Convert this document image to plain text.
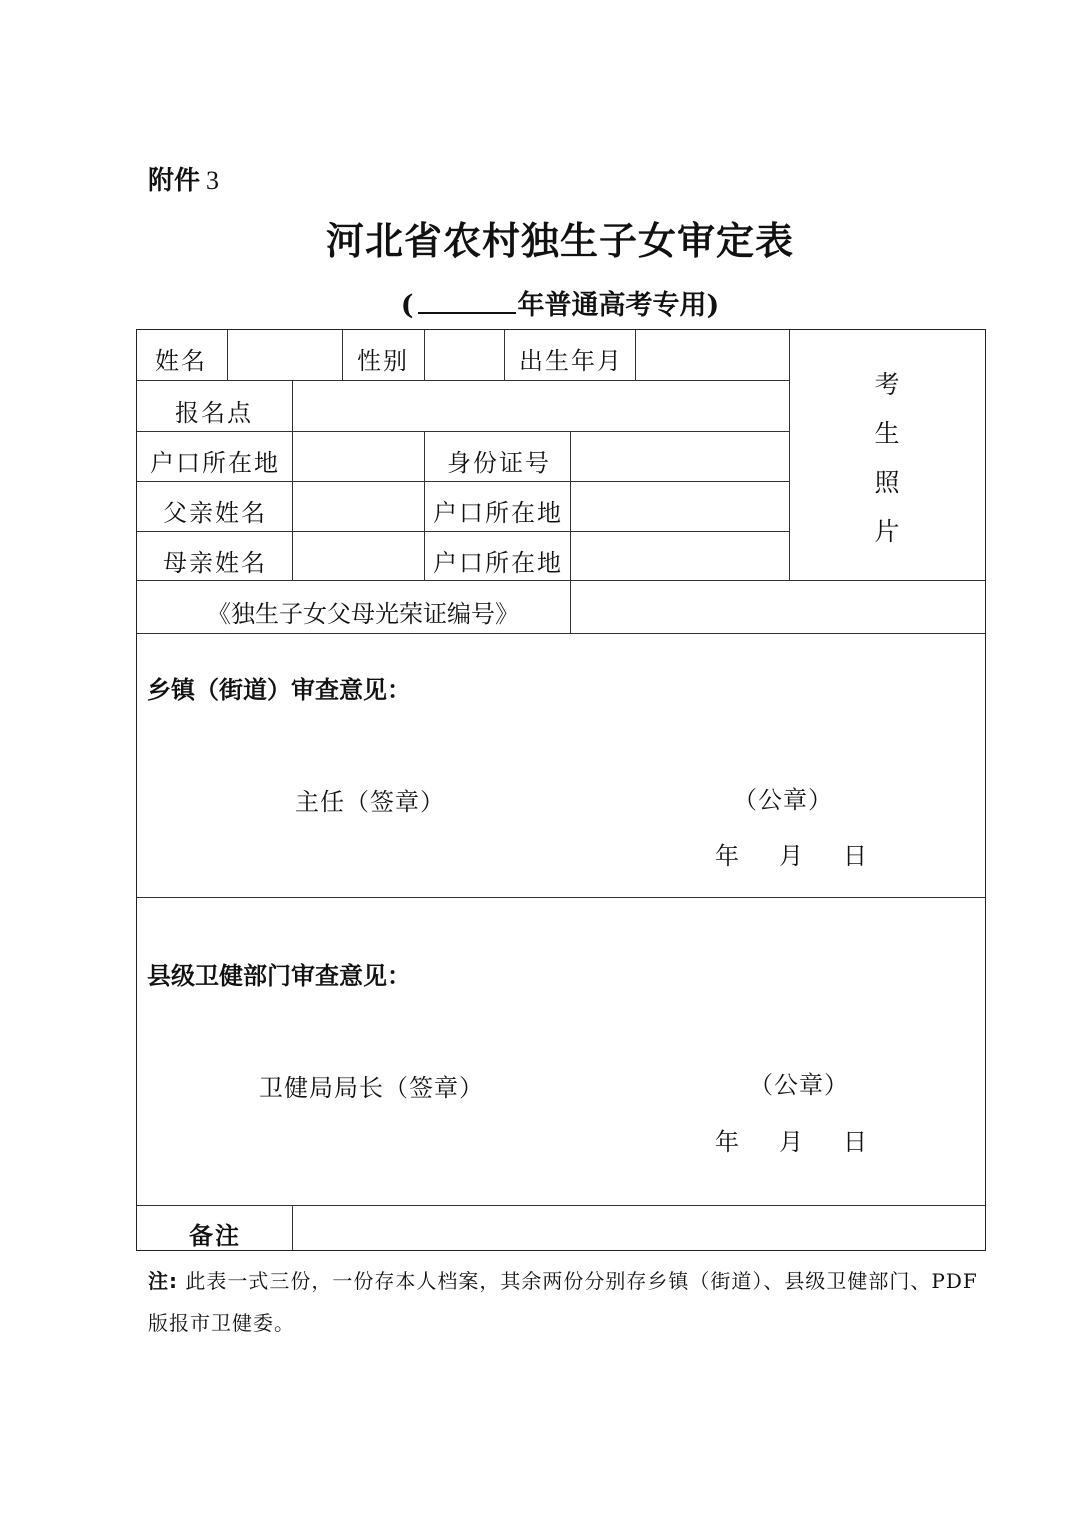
附件 3
河北省农村独生子女审定表
(	年普通高考专用)
姓名	性别	出生年月
考
生
照
片
报名点
户口所在地	身份证号
父亲姓名	户口所在地
母亲姓名	户口所在地
《独生子女父母光荣证编号》
乡镇（街道）审查意见：
主任（签章）	（公章）
年 月 日
县级卫健部门审查意见：
卫健局局长（签章）	（公章）
年 月 日
备注
注: 此表一式三份，一份存本人档案，其余两份分别存乡镇（街道）、县级卫健部门、PDF版报市卫健委。
